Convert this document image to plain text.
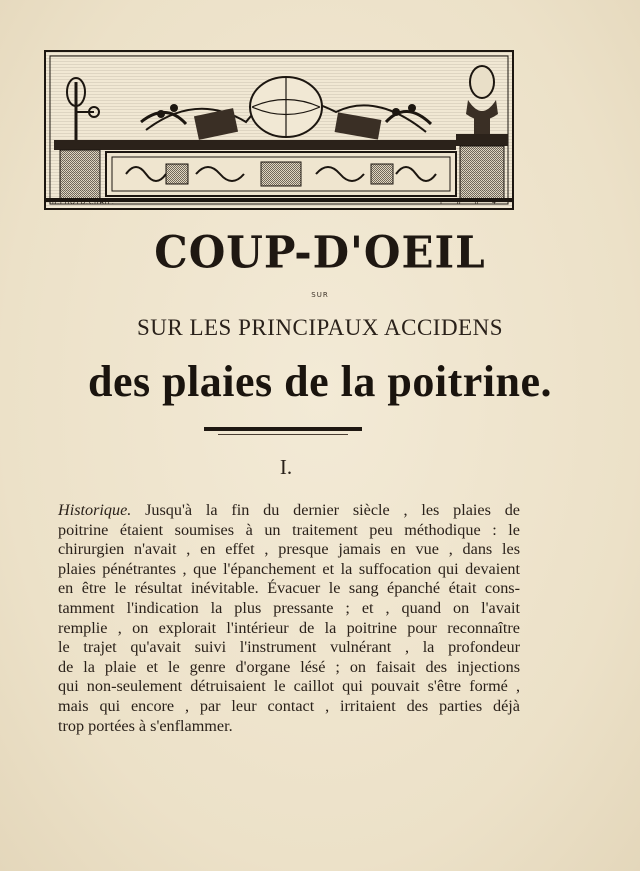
B.PHOTO.CHAIL.	1 8 0 4
COUP-D'OEIL
SUR
SUR LES PRINCIPAUX ACCIDENS
des plaies de la poitrine.
I.
Historique. Jusqu'à la fin du dernier siècle , les plaies de
poitrine étaient soumises à un traitement peu méthodique : le
chirurgien n'avait , en effet , presque jamais en vue , dans les
plaies pénétrantes , que l'épanchement et la suffocation qui devaient
en être le résultat inévitable. Évacuer le sang épanché était cons-
tamment l'indication la plus pressante ; et , quand on l'avait
remplie , on explorait l'intérieur de la poitrine pour reconnaître
le trajet qu'avait suivi l'instrument vulnérant , la profondeur
de la plaie et le genre d'organe lésé ; on faisait des injections
qui non-seulement détruisaient le caillot qui pouvait s'être formé ,
mais qui encore , par leur contact , irritaient des parties déjà
trop portées à s'enflammer.
